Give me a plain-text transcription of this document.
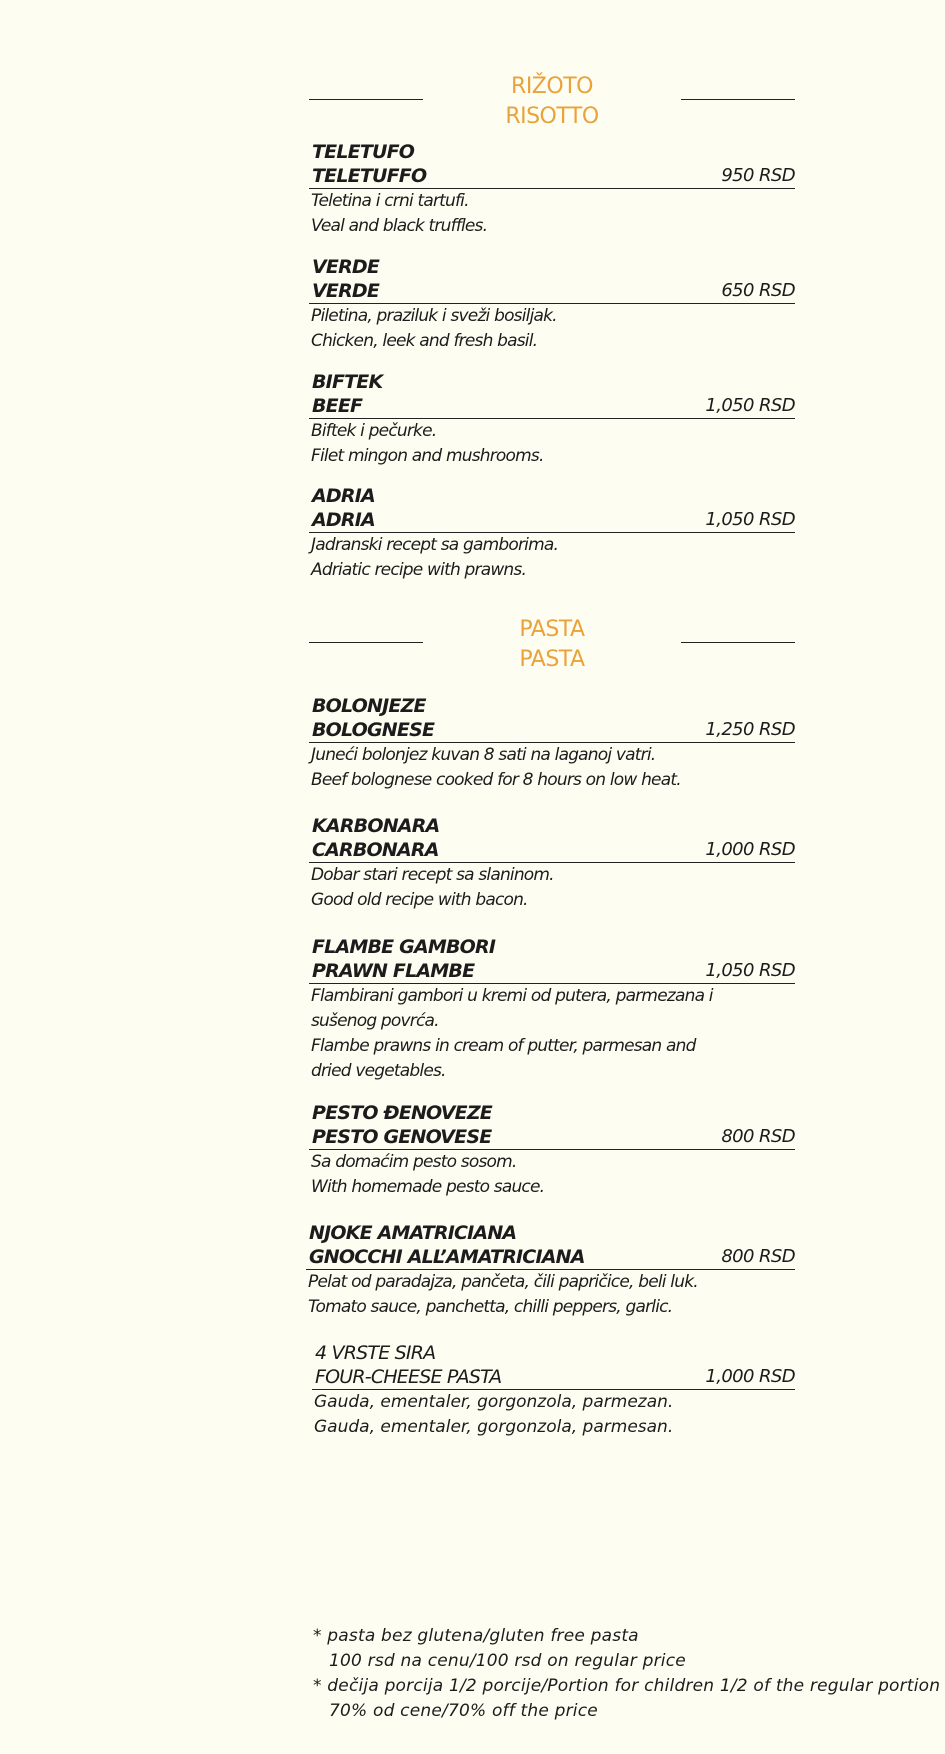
RIŽOTO
RISOTTO
TELETUFO
TELETUFFO	950 RSD
Teletina i crni tartufi.
Veal and black truffles.
VERDE
VERDE	650 RSD
Piletina, praziluk i sveži bosiljak.
Chicken, leek and fresh basil.
BIFTEK
BEEF	1,050 RSD
Biftek i pečurke.
Filet mingon and mushrooms.
ADRIA
ADRIA	1,050 RSD
Jadranski recept sa gamborima.
Adriatic recipe with prawns.
PASTA
PASTA
BOLONJEZE
BOLOGNESE	1,250 RSD
Juneći bolonjez kuvan 8 sati na laganoj vatri.
Beef bolognese cooked for 8 hours on low heat.
KARBONARA
CARBONARA	1,000 RSD
Dobar stari recept sa slaninom.
Good old recipe with bacon.
FLAMBE GAMBORI
PRAWN FLAMBE	1,050 RSD
Flambirani gambori u kremi od putera, parmezana i sušenog povrća.
Flambe prawns in cream of putter, parmesan and dried vegetables.
PESTO ĐENOVEZE
PESTO GENOVESE	800 RSD
Sa domaćim pesto sosom.
With homemade pesto sauce.
NJOKE AMATRICIANA
GNOCCHI ALL’AMATRICIANA	800 RSD
Pelat od paradajza, pančeta, čili papričice, beli luk.
Tomato sauce, panchetta, chilli peppers, garlic.
4 VRSTE SIRA
FOUR-CHEESE PASTA	1,000 RSD
Gauda, ementaler, gorgonzola, parmezan.
Gauda, ementaler, gorgonzola, parmesan.
* pasta bez glutena/gluten free pasta
100 rsd na cenu/100 rsd on regular price
* dečija porcija 1/2 porcije/Portion for children 1/2 of the regular portion
70% od cene/70% off the price
